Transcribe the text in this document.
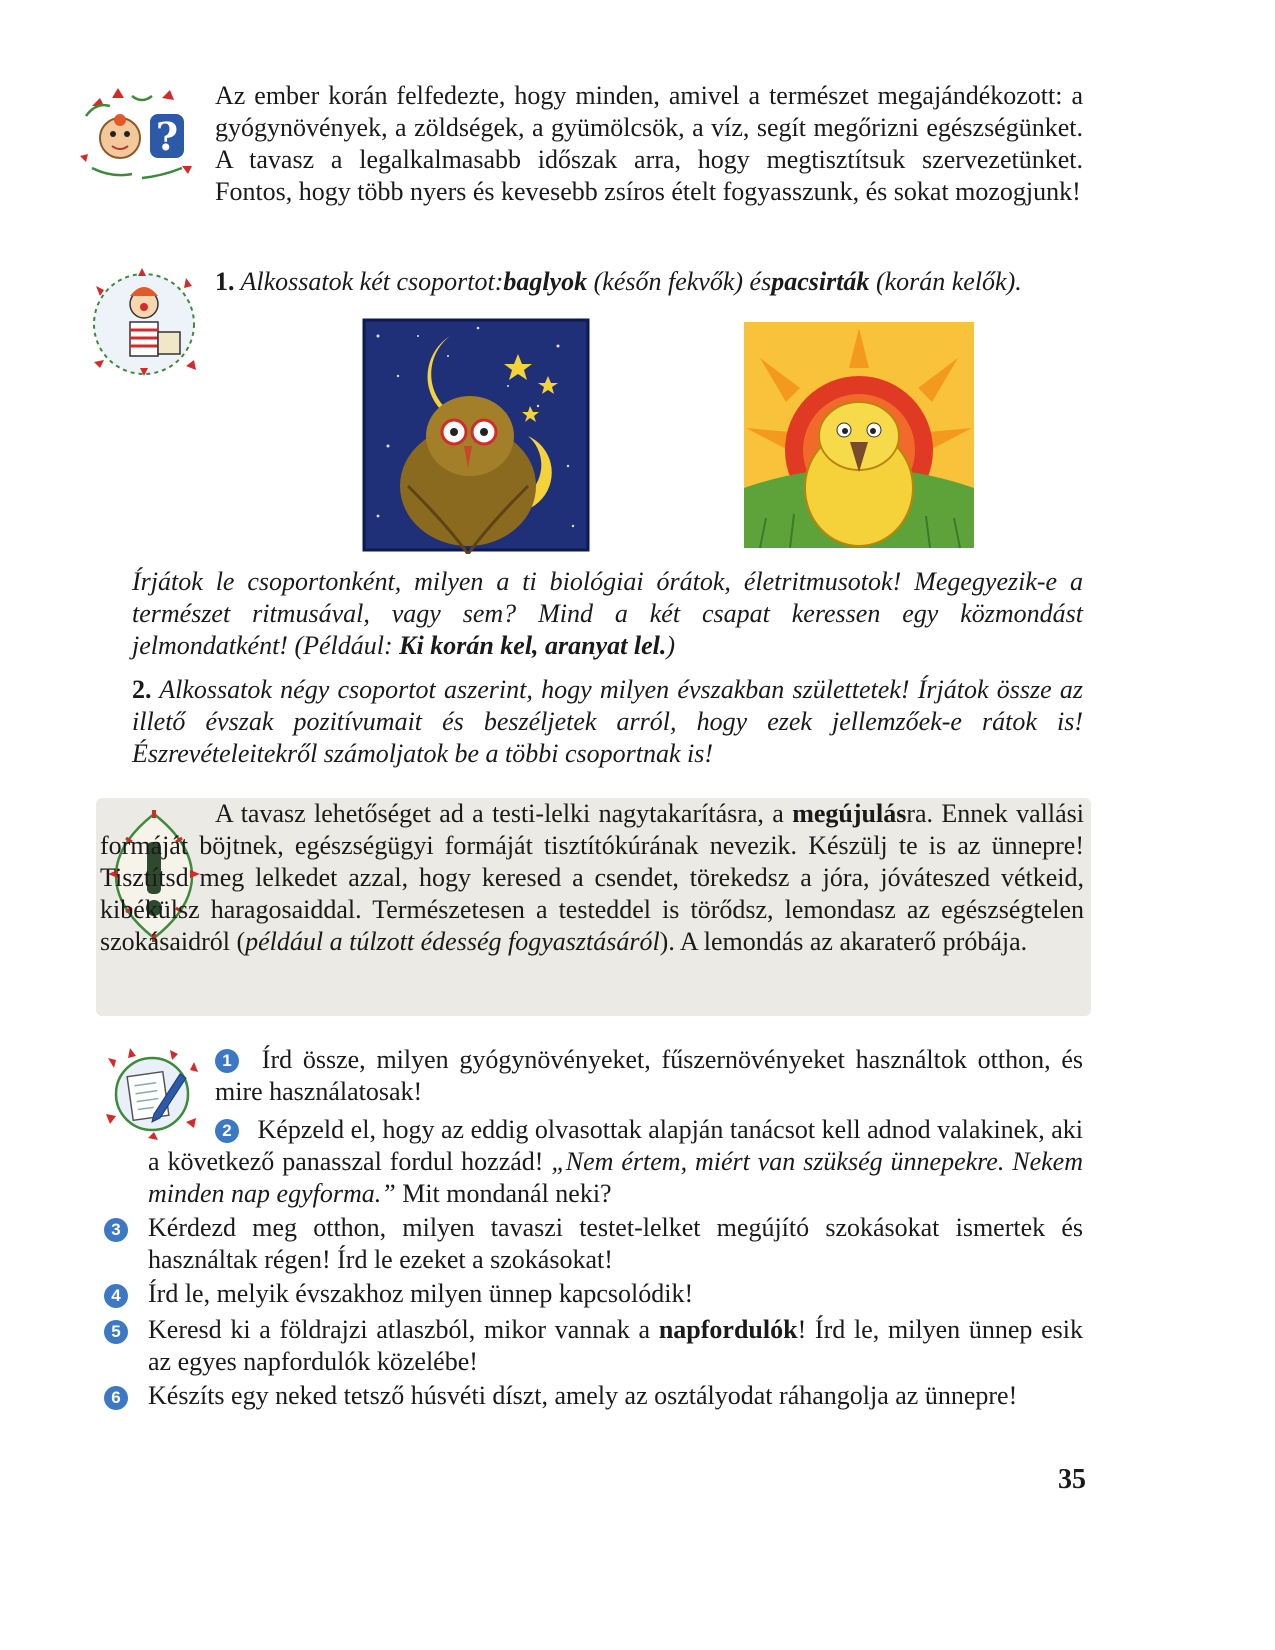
?

Az ember korán felfedezte, hogy minden, amivel a természet megajándékozott: a gyógynövények, a zöldségek, a gyümölcsök, a víz, segít megőrizni egészségünket. A tavasz a legalkalmasabb időszak arra, hogy megtisztítsuk szervezetünket. Fontos, hogy több nyers és kevesebb zsíros ételt fogyasszunk, és sokat mozogjunk!

1. Alkossatok két csoportot:baglyok (későn fekvők) éspacsirták (korán kelők).

Írjátok le csoportonként, milyen a ti biológiai órátok, életritmusotok! Megegyezik-e a természet ritmusával, vagy sem? Mind a két csapat keressen egy közmondást jelmondatként! (Például: Ki korán kel, aranyat lel.)

2. Alkossatok négy csoportot aszerint, hogy milyen évszakban születtetek! Írjátok össze az illető évszak pozitívumait és beszéljetek arról, hogy ezek jellemzőek-e rátok is! Észrevételeitekről számoljatok be a többi csoportnak is!

A tavasz lehetőséget ad a testi-lelki nagytakarításra, a megújulásra. Ennek vallási formáját böjtnek, egészségügyi formáját tisztítókúrának nevezik. Készülj te is az ünnepre! Tisztítsd meg lelkedet azzal, hogy keresed a csendet, törekedsz a jóra, jóváteszed vétkeid, kibékülsz haragosaiddal. Természetesen a testeddel is törődsz, lemondasz az egészségtelen szokásaidról (például a túlzott édesség fogyasztásáról). A lemondás az akaraterő próbája.

1 Írd össze, milyen gyógynövényeket, fűszernövényeket használtok otthon, és mire használatosak!

2 Képzeld el, hogy az eddig olvasottak alapján tanácsot kell adnod valakinek, aki a következő panasszal fordul hozzád! „Nem értem, miért van szükség ünnepekre. Nekem minden nap egyforma.” Mit mondanál neki?

3 Kérdezd meg otthon, milyen tavaszi testet-lelket megújító szokásokat ismertek és használtak régen! Írd le ezeket a szokásokat!

4 Írd le, melyik évszakhoz milyen ünnep kapcsolódik!

5 Keresd ki a földrajzi atlaszból, mikor vannak a napfordulók! Írd le, milyen ünnep esik az egyes napfordulók közelébe!

6 Készíts egy neked tetsző húsvéti díszt, amely az osztályodat ráhangolja az ünnepre!

35
